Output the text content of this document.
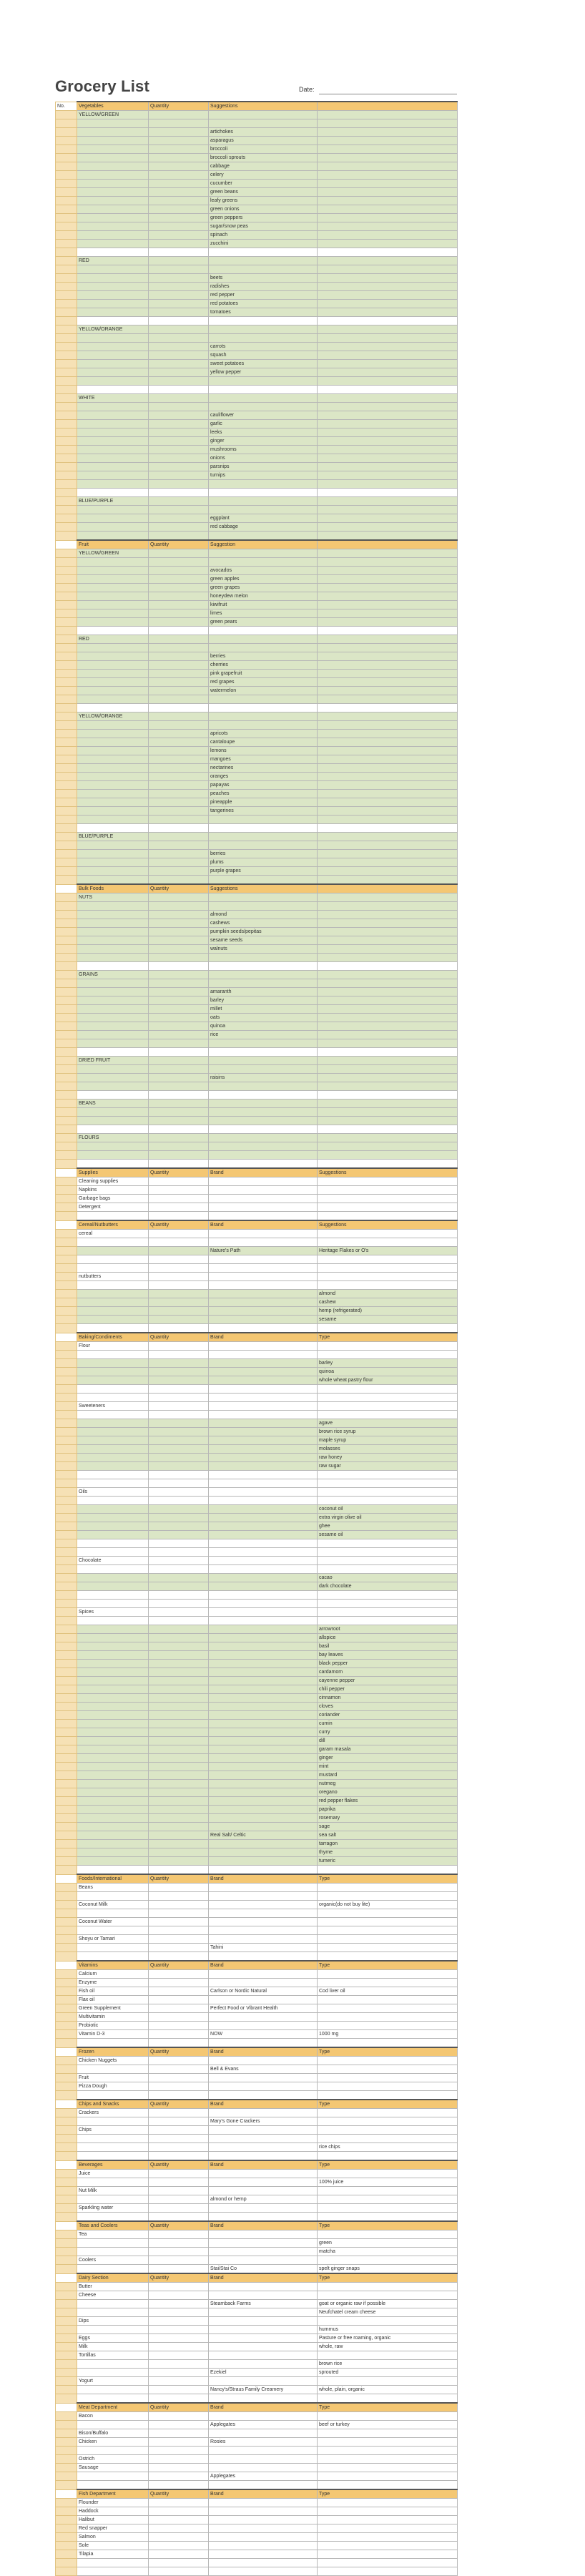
Grocery List	Date:
No.	Vegetables	Quantity	Suggestions	
	YELLOW/GREEN			

			artichokes	
			asparagus	
			broccoli	
			broccoli sprouts	
			cabbage	
			celery	
			cucumber	
			green beans	
			leafy greens	
			green onions	
			green peppers	
			sugar/snow peas	
			spinach	
			zucchini	

	RED			

			beets	
			radishes	
			red pepper	
			red potatoes	
			tomatoes	

	YELLOW/ORANGE			

			carrots	
			squash	
			sweet potatoes	
			yellow pepper	

	WHITE			

			cauliflower	
			garlic	
			leeks	
			ginger	
			mushrooms	
			onions	
			parsnips	
			turnips	

	BLUE/PURPLE			

			eggplant	
			red cabbage	

	Fruit	Quantity	Suggestion	
	YELLOW/GREEN			

			avocados	
			green apples	
			green grapes	
			honeydew melon	
			kiwifruit	
			limes	
			green pears	

	RED			

			berries	
			cherries	
			pink grapefruit	
			red grapes	
			watermelon	

	YELLOW/ORANGE			

			apricots	
			cantaloupe	
			lemons	
			mangoes	
			nectarines	
			oranges	
			papayas	
			peaches	
			pineapple	
			tangerines	

	BLUE/PURPLE			

			berries	
			plums	
			purple grapes	

	Bulk Foods	Quantity	Suggestions	
	NUTS			

			almond	
			cashews	
			pumpkin seeds/pepitas	
			sesame seeds	
			walnuts	

	GRAINS			

			amaranth	
			barley	
			millet	
			oats	
			quinoa	
			rice	

	DRIED FRUIT			

			raisins	

	BEANS			

	FLOURS			

	Supplies	Quantity	Brand	Suggestions
	Cleaning supplies			
	Napkins			
	Garbage bags			
	Detergent			

	Cereal/Nutbutters	Quantity	Brand	Suggestions
	cereal			

			Nature's Path	Heritage Flakes or O's

	nutbutters			

				almond
				cashew
				hemp (refrigerated)
				sesame

	Baking/Condiments	Quantity	Brand	Type
	Flour			

				barley
				quinoa
				whole wheat pastry flour

	Sweeteners			

				agave
				brown rice syrup
				maple syrup
				molasses
				raw honey
				raw sugar

	Oils			

				coconut oil
				extra virgin olive oil
				ghee
				sesame oil

	Chocolate			

				cacao
				dark chocolate

	Spices			

				arrowroot
				allspice
				basil
				bay leaves
				black pepper
				cardamom
				cayenne pepper
				chili pepper
				cinnamon
				cloves
				coriander
				cumin
				curry
				dill
				garam masala
				ginger
				mint
				mustard
				nutmeg
				oregano
				red pepper flakes
				paprika
				rosemary
				sage
			Real Salt/ Celtic	sea salt
				tarragon
				thyme
				tumeric

	Foods/International	Quantity	Brand	Type
	Beans			

	Coconut Milk			organic(do not buy lite)

	Coconut Water			

	Shoyu or Tamari			
			Tahini	

	Vitamins	Quantity	Brand	Type
	Calcium			
	Enzyme			
	Fish oil		Carlson or Nordic Natural	Cod liver oil
	Flax oil			
	Green Supplement		Perfect Food or Vibrant Health	
	Multivitamin			
	Probiotic			
	Vitamin D-3		NOW	1000 mg

	Frozen	Quantity	Brand	Type
	Chicken Nuggets			
			Bell & Evans	
	Fruit			
	Pizza Dough			

	Chips and Snacks	Quantity	Brand	Type
	Crackers			
			Mary's Gone Crackers	
	Chips			

				rice chips

	Beverages	Quantity	Brand	Type
	Juice			
				100% juice
	Nut Milk			
			almond or hemp	
	Sparkling water			

	Teas and Coolers	Quantity	Brand	Type
	Tea			
				green
				matcha
	Coolers			
			Stai/Stai Co	spelt ginger snaps
	Dairy Section	Quantity	Brand	Type
	Butter			
	Cheese			
			Steamback Farms	goat or organic raw if possible
				Neufchatel cream cheese
	Dips			
				hummus
	Eggs			Pasture or free roaming, organic
	Milk			whole, raw
	Tortillas			
				brown rice
			Ezekiel	sprouted
	Yogurt			
			Nancy's/Straus Family Creamery	whole, plain, organic

	Meat Department	Quantity	Brand	Type
	Bacon			
			Applegates	beef or turkey
	Bison/Buffalo			
	Chicken		Rosies	

	Ostrich			
	Sausage			
			Applegates	

	Fish Department	Quantity	Brand	Type
	Flounder			
	Haddock			
	Halibut			
	Red snapper			
	Salmon			
	Sole			
	Tilapia			
